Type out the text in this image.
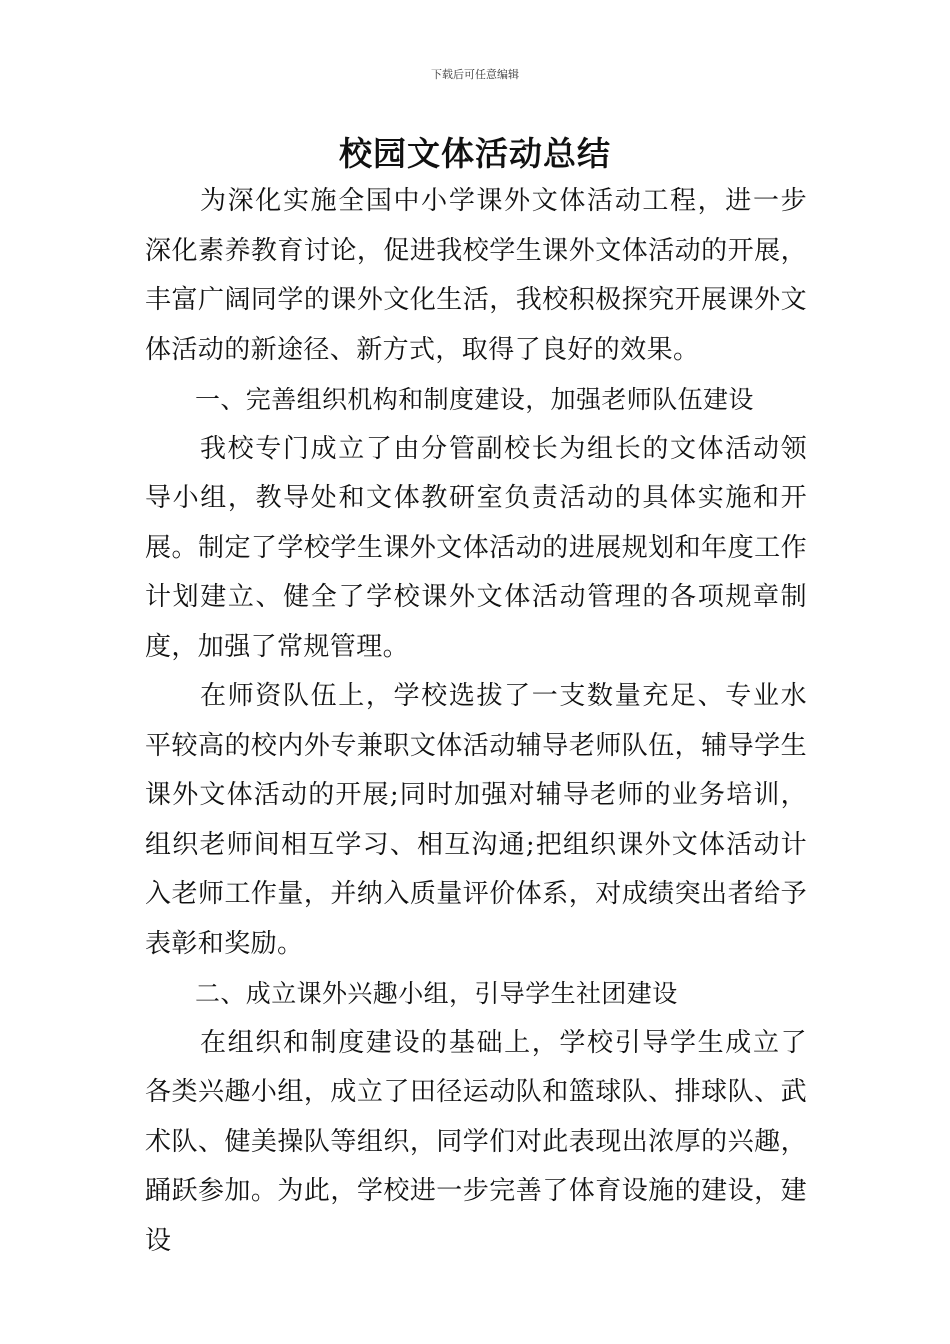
下载后可任意编辑
校园文体活动总结

为深化实施全国中小学课外文体活动工程，进一步深化素养教育讨论，促进我校学生课外文体活动的开展，丰富广阔同学的课外文化生活，我校积极探究开展课外文体活动的新途径、新方式，取得了良好的效果。

一、完善组织机构和制度建设，加强老师队伍建设

我校专门成立了由分管副校长为组长的文体活动领导小组，教导处和文体教研室负责活动的具体实施和开展。制定了学校学生课外文体活动的进展规划和年度工作计划建立、健全了学校课外文体活动管理的各项规章制度，加强了常规管理。

在师资队伍上，学校选拔了一支数量充足、专业水平较高的校内外专兼职文体活动辅导老师队伍，辅导学生课外文体活动的开展;同时加强对辅导老师的业务培训，组织老师间相互学习、相互沟通;把组织课外文体活动计入老师工作量，并纳入质量评价体系，对成绩突出者给予表彰和奖励。

二、成立课外兴趣小组，引导学生社团建设

在组织和制度建设的基础上，学校引导学生成立了各类兴趣小组，成立了田径运动队和篮球队、排球队、武术队、健美操队等组织，同学们对此表现出浓厚的兴趣，踊跃参加。为此，学校进一步完善了体育设施的建设，建设
